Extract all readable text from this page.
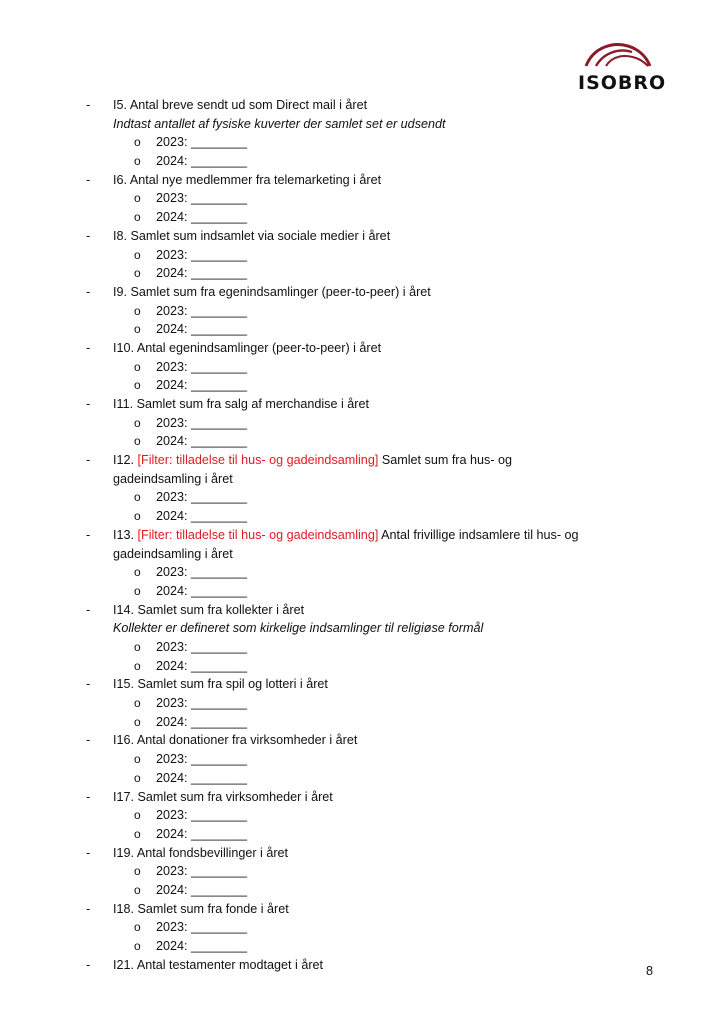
ISOBRO
- I5. Antal breve sendt ud som Direct mail i året
Indtast antallet af fysiske kuverter der samlet set er udsendt
o 2023: ________
o 2024: ________
- I6. Antal nye medlemmer fra telemarketing i året
o 2023: ________
o 2024: ________
- I8. Samlet sum indsamlet via sociale medier i året
o 2023: ________
o 2024: ________
- I9. Samlet sum fra egenindsamlinger (peer-to-peer) i året
o 2023: ________
o 2024: ________
- I10. Antal egenindsamlinger (peer-to-peer) i året
o 2023: ________
o 2024: ________
- I11. Samlet sum fra salg af merchandise i året
o 2023: ________
o 2024: ________
- I12. [Filter: tilladelse til hus- og gadeindsamling] Samlet sum fra hus- og gadeindsamling i året
o 2023: ________
o 2024: ________
- I13. [Filter: tilladelse til hus- og gadeindsamling] Antal frivillige indsamlere til hus- og gadeindsamling i året
o 2023: ________
o 2024: ________
- I14. Samlet sum fra kollekter i året
Kollekter er defineret som kirkelige indsamlinger til religiøse formål
o 2023: ________
o 2024: ________
- I15. Samlet sum fra spil og lotteri i året
o 2023: ________
o 2024: ________
- I16. Antal donationer fra virksomheder i året
o 2023: ________
o 2024: ________
- I17. Samlet sum fra virksomheder i året
o 2023: ________
o 2024: ________
- I19. Antal fondsbevillinger i året
o 2023: ________
o 2024: ________
- I18. Samlet sum fra fonde i året
o 2023: ________
o 2024: ________
- I21. Antal testamenter modtaget i året	8
